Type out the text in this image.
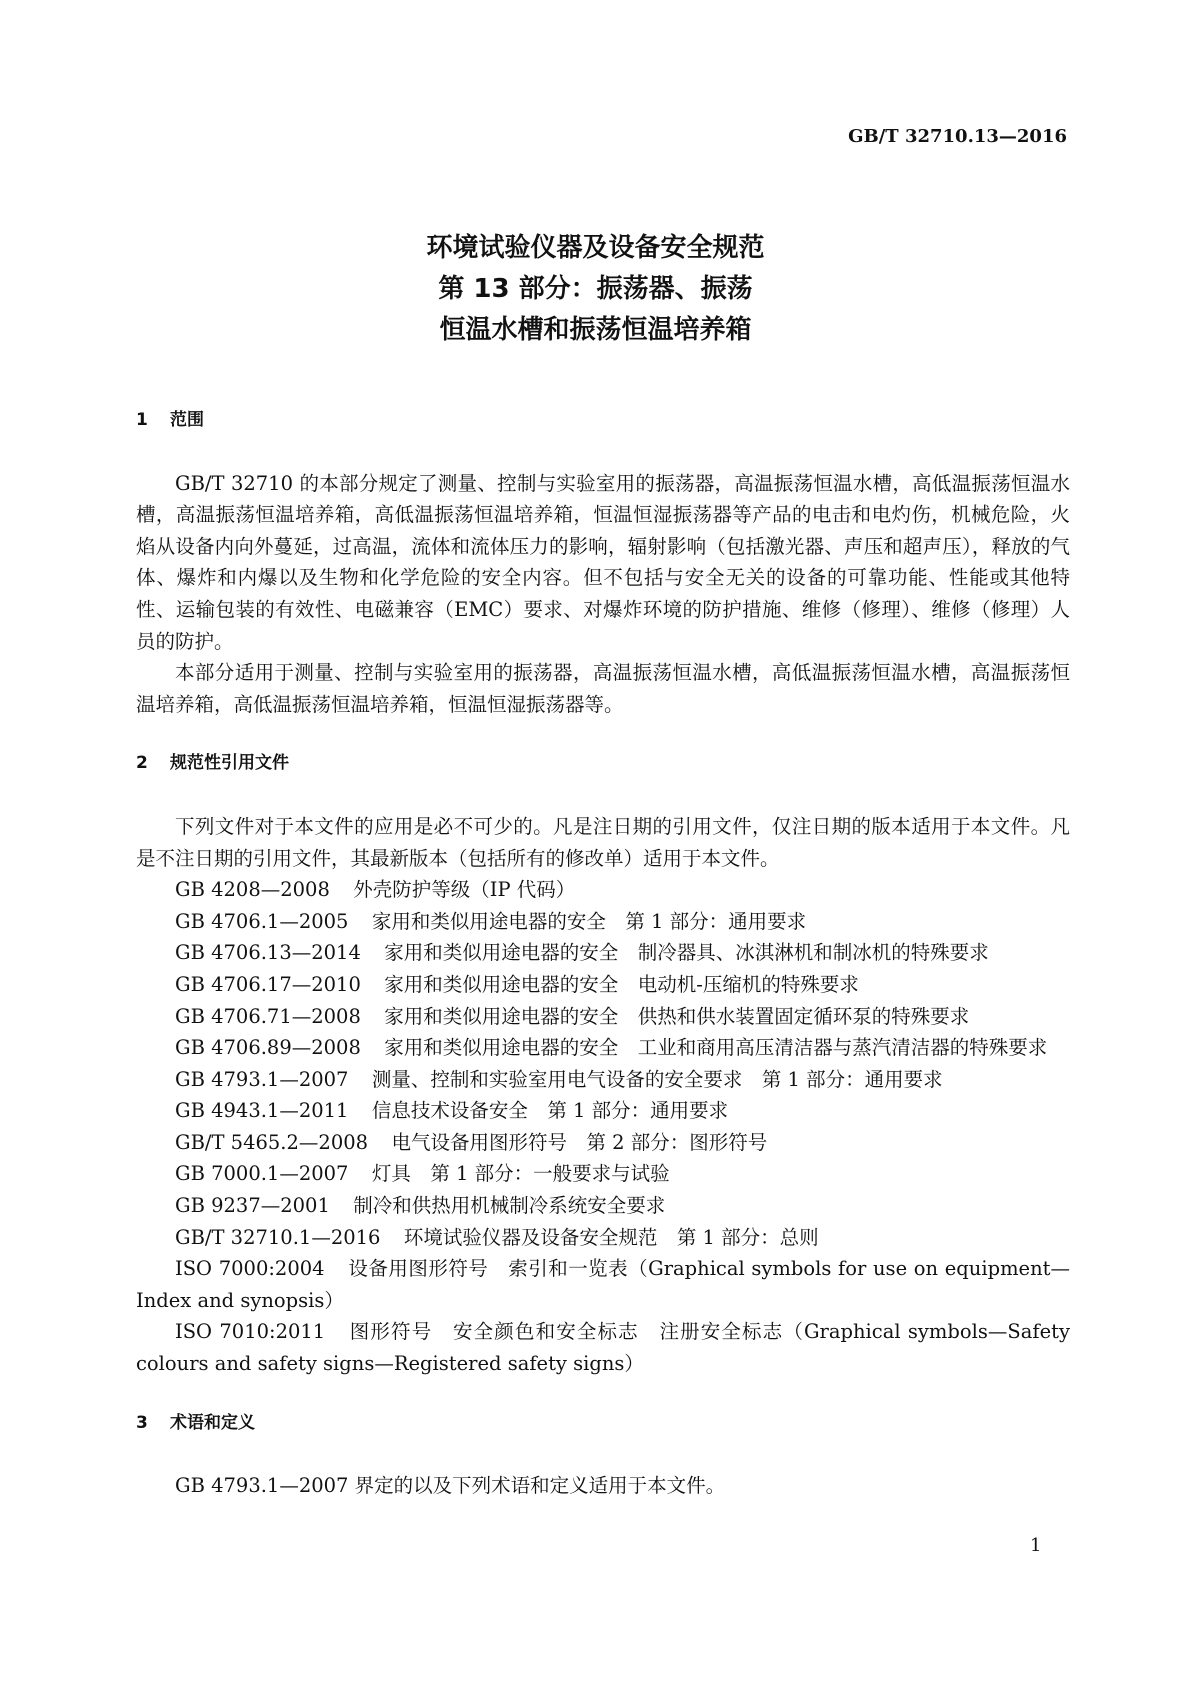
GB/T 32710.13—2016
环境试验仪器及设备安全规范
第 13 部分：振荡器、振荡
恒温水槽和振荡恒温培养箱
1 范围

GB/T 32710 的本部分规定了测量、控制与实验室用的振荡器，高温振荡恒温水槽，高低温振荡恒温水槽，高温振荡恒温培养箱，高低温振荡恒温培养箱，恒温恒湿振荡器等产品的电击和电灼伤，机械危险，火焰从设备内向外蔓延，过高温，流体和流体压力的影响，辐射影响（包括激光器、声压和超声压），释放的气体、爆炸和内爆以及生物和化学危险的安全内容。但不包括与安全无关的设备的可靠功能、性能或其他特性、运输包装的有效性、电磁兼容（EMC）要求、对爆炸环境的防护措施、维修（修理）、维修（修理）人员的防护。

本部分适用于测量、控制与实验室用的振荡器，高温振荡恒温水槽，高低温振荡恒温水槽，高温振荡恒温培养箱，高低温振荡恒温培养箱，恒温恒湿振荡器等。

2 规范性引用文件

下列文件对于本文件的应用是必不可少的。凡是注日期的引用文件，仅注日期的版本适用于本文件。凡是不注日期的引用文件，其最新版本（包括所有的修改单）适用于本文件。

GB 4208—2008 外壳防护等级（IP 代码）

GB 4706.1—2005 家用和类似用途电器的安全　第 1 部分：通用要求

GB 4706.13—2014 家用和类似用途电器的安全　制冷器具、冰淇淋机和制冰机的特殊要求

GB 4706.17—2010 家用和类似用途电器的安全　电动机-压缩机的特殊要求

GB 4706.71—2008 家用和类似用途电器的安全　供热和供水装置固定循环泵的特殊要求

GB 4706.89—2008 家用和类似用途电器的安全　工业和商用高压清洁器与蒸汽清洁器的特殊要求

GB 4793.1—2007 测量、控制和实验室用电气设备的安全要求　第 1 部分：通用要求

GB 4943.1—2011 信息技术设备安全　第 1 部分：通用要求

GB/T 5465.2—2008 电气设备用图形符号　第 2 部分：图形符号

GB 7000.1—2007 灯具　第 1 部分：一般要求与试验

GB 9237—2001 制冷和供热用机械制冷系统安全要求

GB/T 32710.1—2016 环境试验仪器及设备安全规范　第 1 部分：总则

ISO 7000:2004 设备用图形符号　索引和一览表（Graphical symbols for use on equipment—Index and synopsis）

ISO 7010:2011 图形符号　安全颜色和安全标志　注册安全标志（Graphical symbols—Safety colours and safety signs—Registered safety signs）

3 术语和定义

GB 4793.1—2007 界定的以及下列术语和定义适用于本文件。

1
